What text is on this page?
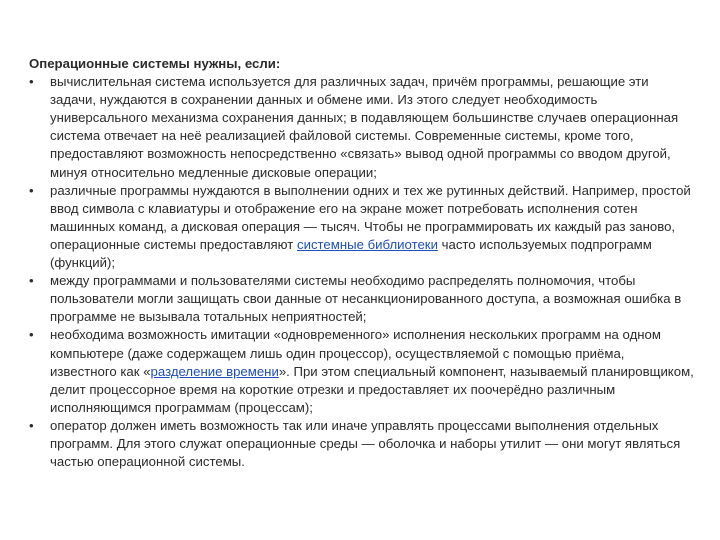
Операционные системы нужны, если:

•	вычислительная система используется для различных задач, причём программы, решающие эти задачи, нуждаются в сохранении данных и обмене ими. Из этого следует необходимость универсального механизма сохранения данных; в подавляющем большинстве случаев операционная система отвечает на неё реализацией файловой системы. Современные системы, кроме того, предоставляют возможность непосредственно «связать» вывод одной программы со вводом другой, минуя относительно медленные дисковые операции;
•	различные программы нуждаются в выполнении одних и тех же рутинных действий. Например, простой ввод символа с клавиатуры и отображение его на экране может потребовать исполнения сотен машинных команд, а дисковая операция — тысяч. Чтобы не программировать их каждый раз заново, операционные системы предоставляют системные библиотеки часто используемых подпрограмм (функций);
•	между программами и пользователями системы необходимо распределять полномочия, чтобы пользователи могли защищать свои данные от несанкционированного доступа, а возможная ошибка в программе не вызывала тотальных неприятностей;
•	необходима возможность имитации «одновременного» исполнения нескольких программ на одном компьютере (даже содержащем лишь один процессор), осуществляемой с помощью приёма, известного как «разделение времени». При этом специальный компонент, называемый планировщиком, делит процессорное время на короткие отрезки и предоставляет их поочерёдно различным исполняющимся программам (процессам);
•	оператор должен иметь возможность так или иначе управлять процессами выполнения отдельных программ. Для этого служат операционные среды — оболочка и наборы утилит — они могут являться частью операционной системы.
